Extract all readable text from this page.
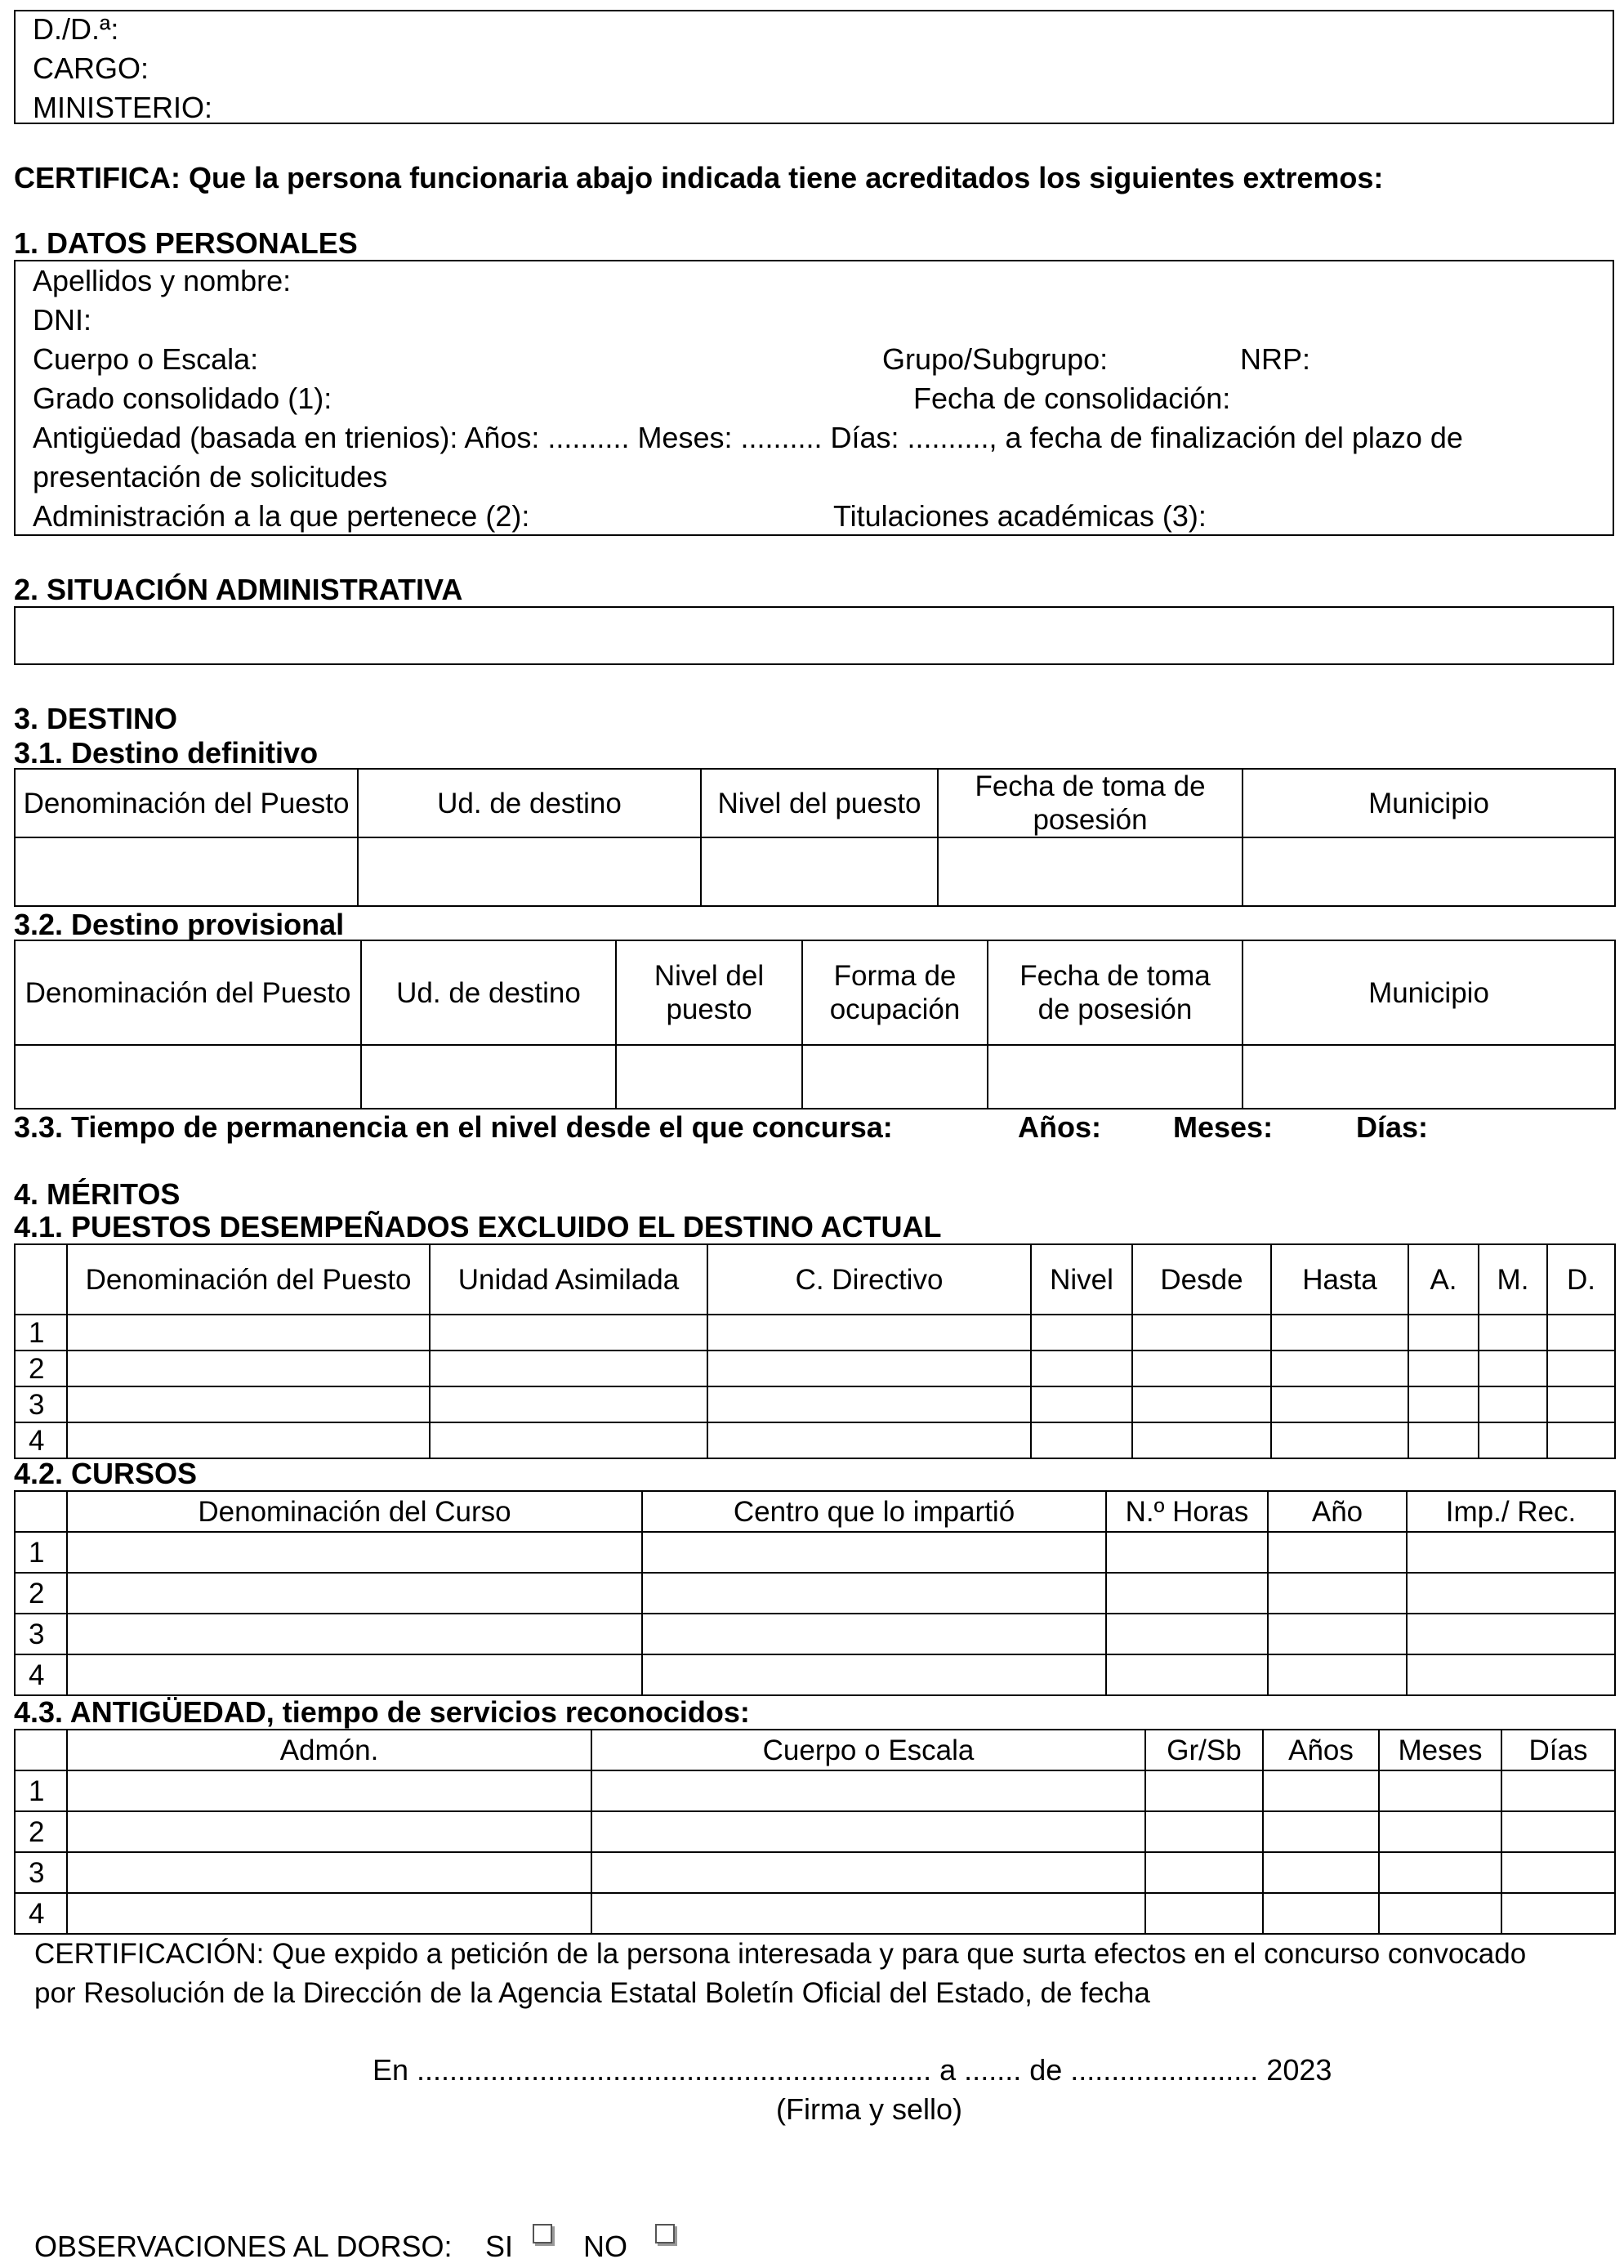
D./D.ª:
CARGO:
MINISTERIO:
CERTIFICA: Que la persona funcionaria abajo indicada tiene acreditados los siguientes extremos:
1. DATOS PERSONALES
Apellidos y nombre:
DNI:
Cuerpo o Escala:	Grupo/Subgrupo:	NRP:
Grado consolidado (1):	Fecha de consolidación:
Antigüedad (basada en trienios): Años: .......... Meses: .......... Días: .........., a fecha de finalización del plazo de
presentación de solicitudes
Administración a la que pertenece (2):	Titulaciones académicas (3):
2. SITUACIÓN ADMINISTRATIVA
3. DESTINO
3.1. Destino definitivo
Denominación del Puesto	Ud. de destino	Nivel del puesto	Fecha de toma de posesión	Municipio

3.2. Destino provisional
Denominación del Puesto	Ud. de destino	Nivel del puesto	Forma de ocupación	Fecha de toma de posesión	Municipio

3.3. Tiempo de permanencia en el nivel desde el que concursa:	Años: Meses:	Días:
4. MÉRITOS
4.1. PUESTOS DESEMPEÑADOS EXCLUIDO EL DESTINO ACTUAL
	Denominación del Puesto	Unidad Asimilada	C. Directivo	Nivel	Desde	Hasta	A.	M.	D.
1									
2									
3									
4									
4.2. CURSOS
	Denominación del Curso	Centro que lo impartió	N.º Horas	Año	Imp./ Rec.
1					
2					
3					
4					
4.3. ANTIGÜEDAD, tiempo de servicios reconocidos:
	Admón.	Cuerpo o Escala	Gr/Sb	Años	Meses	Días
1						
2						
3						
4						
CERTIFICACIÓN: Que expido a petición de la persona interesada y para que surta efectos en el concurso convocado
por Resolución de la Dirección de la Agencia Estatal Boletín Oficial del Estado, de fecha
En ............................................................... a ....... de ....................... 2023
(Firma y sello)
OBSERVACIONES AL DORSO: SI NO
